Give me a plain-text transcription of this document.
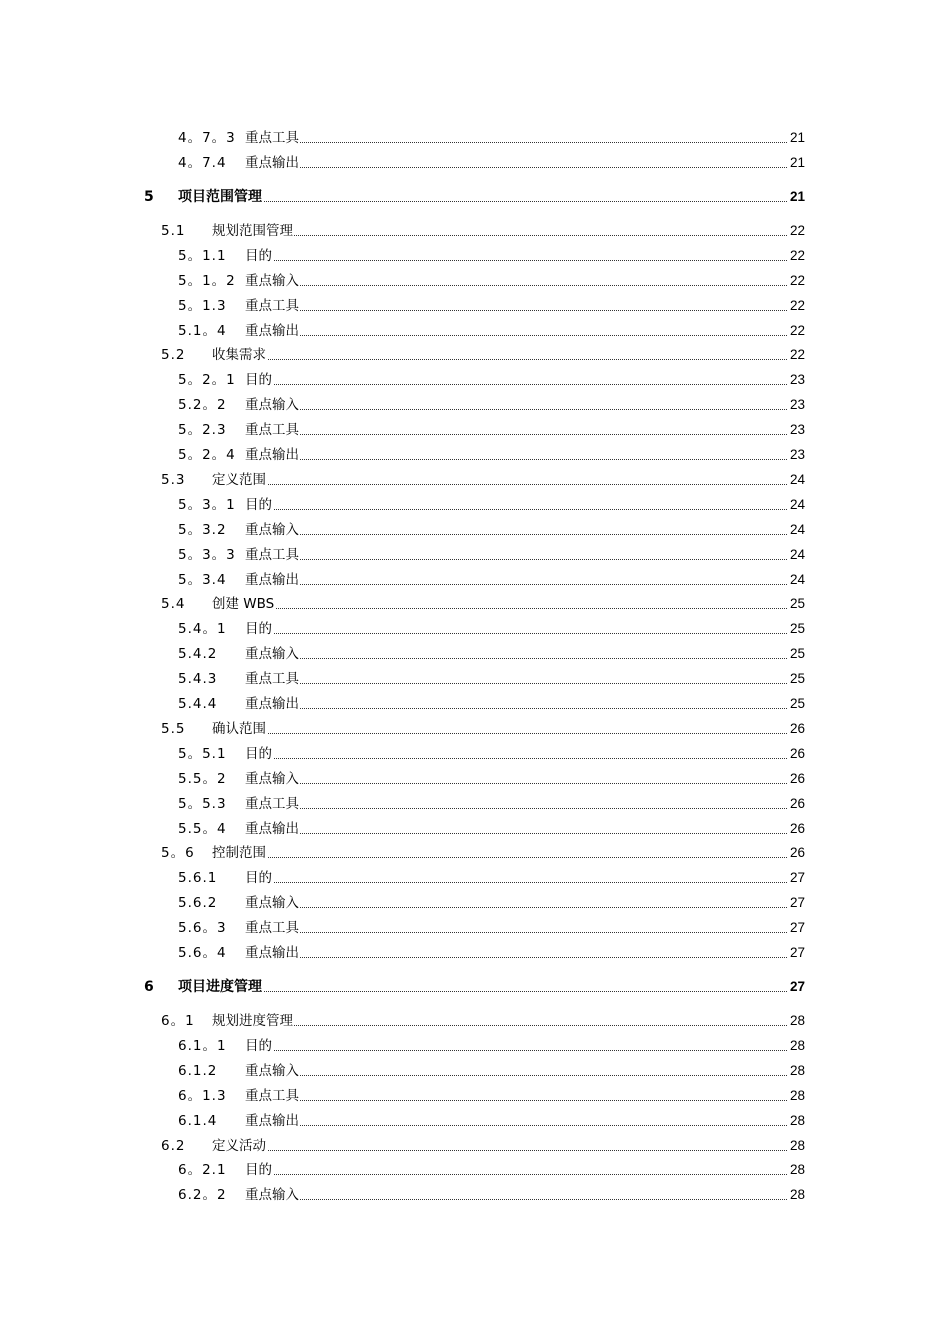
4。7。3 重点工具	21
4。7.4 重点输出	21
5 项目范围管理	21
5.1 规划范围管理	22
5。1.1 目的	22
5。1。2 重点输入	22
5。1.3 重点工具	22
5.1。4 重点输出	22
5.2 收集需求	22
5。2。1 目的	23
5.2。2 重点输入	23
5。2.3 重点工具	23
5。2。4 重点输出	23
5.3 定义范围	24
5。3。1 目的	24
5。3.2 重点输入	24
5。3。3 重点工具	24
5。3.4 重点输出	24
5.4 创建 WBS	25
5.4。1 目的	25
5.4.2 重点输入	25
5.4.3 重点工具	25
5.4.4 重点输出	25
5.5 确认范围	26
5。5.1 目的	26
5.5。2 重点输入	26
5。5.3 重点工具	26
5.5。4 重点输出	26
5。6 控制范围	26
5.6.1 目的	27
5.6.2 重点输入	27
5.6。3 重点工具	27
5.6。4 重点输出	27
6 项目进度管理	27
6。1 规划进度管理	28
6.1。1 目的	28
6.1.2 重点输入	28
6。1.3 重点工具	28
6.1.4 重点输出	28
6.2 定义活动	28
6。2.1 目的	28
6.2。2 重点输入	28
